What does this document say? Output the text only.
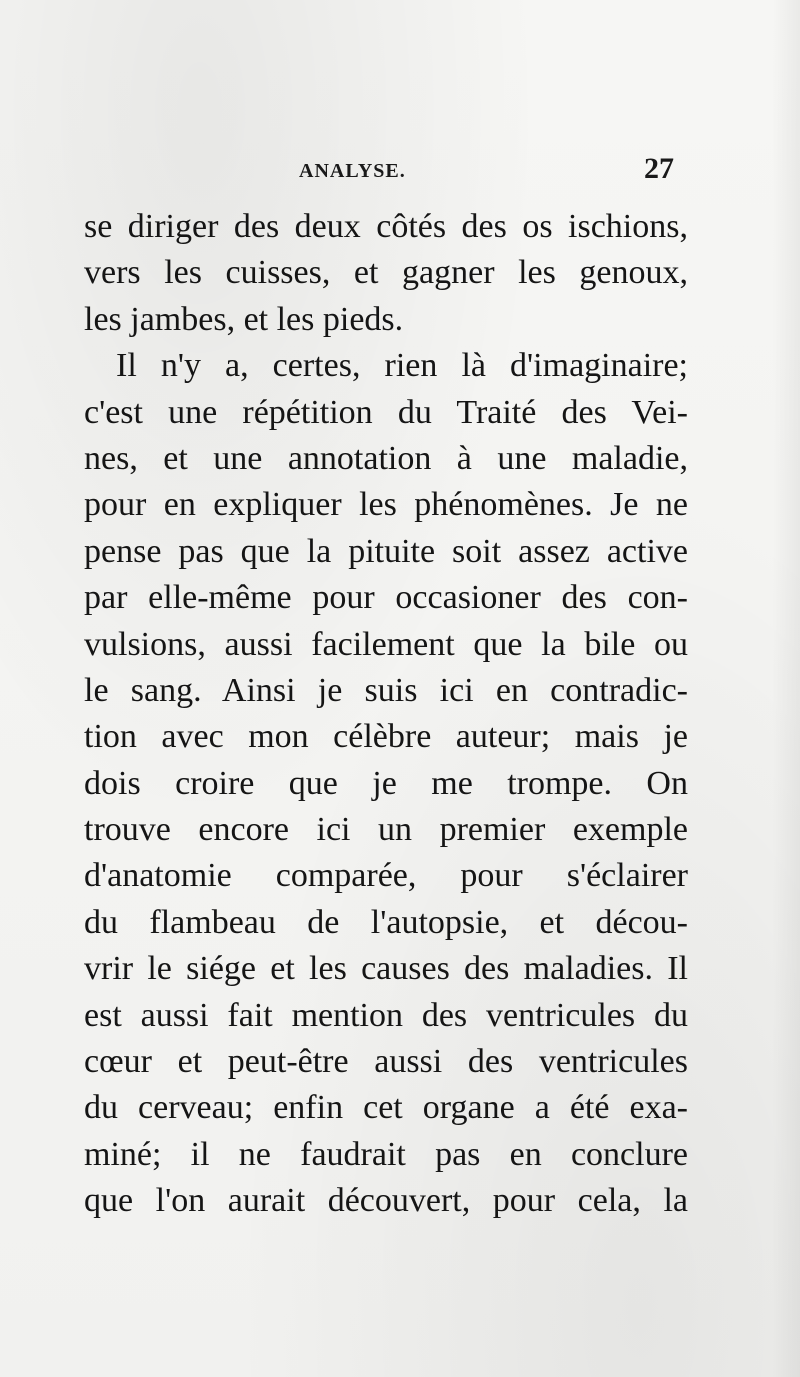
ANALYSE.	27
se diriger des deux côtés des os ischions,
vers les cuisses, et gagner les genoux,
les jambes, et les pieds.
Il n'y a, certes, rien là d'imaginaire;
c'est une répétition du Traité des Vei-
nes, et une annotation à une maladie,
pour en expliquer les phénomènes. Je ne
pense pas que la pituite soit assez active
par elle-même pour occasioner des con-
vulsions, aussi facilement que la bile ou
le sang. Ainsi je suis ici en contradic-
tion avec mon célèbre auteur; mais je
dois croire que je me trompe. On
trouve encore ici un premier exemple
d'anatomie comparée, pour s'éclairer
du flambeau de l'autopsie, et décou-
vrir le siége et les causes des maladies. Il
est aussi fait mention des ventricules du
cœur et peut-être aussi des ventricules
du cerveau; enfin cet organe a été exa-
miné; il ne faudrait pas en conclure
que l'on aurait découvert, pour cela, la
